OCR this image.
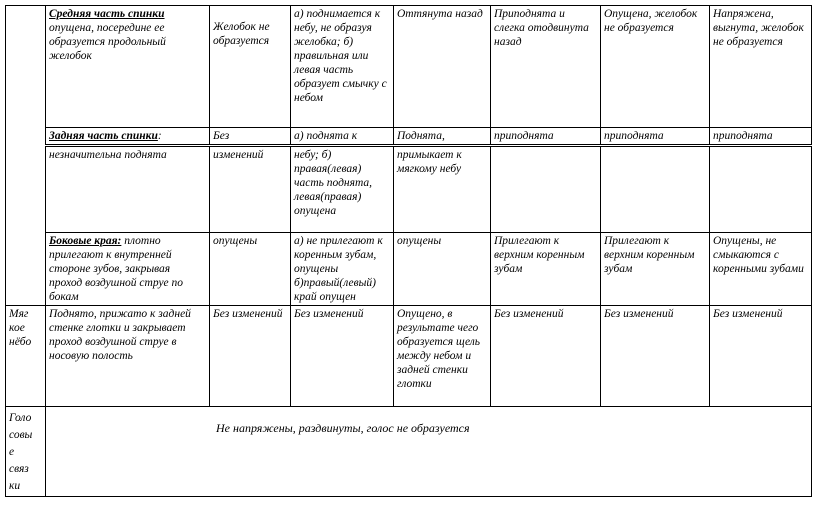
	Средняя часть спинки опущена, посередине ее образуется продольный желобок	Желобок не образуется	а) поднимается к небу, не образуя желобка; б) правильная или левая часть образует смычку с небом	Оттянута назад	Приподнята и слегка отодвинута назад	Опущена, желобок не образуется	Напряжена, выгнута, желобок не образуется
	Задняя часть спинки:	Без	а) поднята к	Поднята,	приподнята	приподнята	приподнята
	незначительна поднята	изменений	небу; б) правая(левая) часть поднята, левая(правая) опущена	примыкает к мягкому небу			
	Боковые края: плотно прилегают к внутренней стороне зубов, закрывая проход воздушной струе по бокам	опущены	а) не прилегают к коренным зубам, опущены б)правый(левый) край опущен	опущены	Прилегают к верхним коренным зубам	Прилегают к верхним коренным зубам	Опущены, не смыкаются с коренными зубами

Мяг кое нёбо	Поднято, прижато к задней стенке глотки и закрывает проход воздушной струе в носовую полость	Без изменений	Без изменений	Опущено, в результате чего образуется щель между небом и задней стенки глотки	Без изменений	Без изменений	Без изменений

Голо совы е связ ки	Не напряжены, раздвинуты, голос не образуется						
